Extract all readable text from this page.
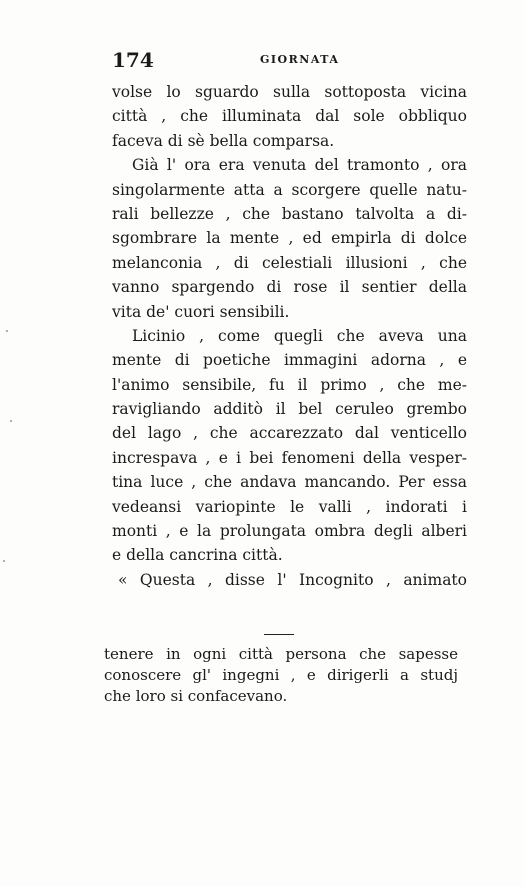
174	GIORNATA
volse lo sguardo sulla sottoposta vicina
città , che illuminata dal sole obbliquo
faceva di sè bella comparsa.
Già l' ora era venuta del tramonto , ora
singolarmente atta a scorgere quelle natu-
rali bellezze , che bastano talvolta a di-
sgombrare la mente , ed empirla di dolce
melanconia , di celestiali illusioni , che
vanno spargendo di rose il sentier della
vita de' cuori sensibili.
Licinio , come quegli che aveva una
mente di poetiche immagini adorna , e
l'animo sensibile, fu il primo , che me-
ravigliando additò il bel ceruleo grembo
del lago , che accarezzato dal venticello
increspava , e i bei fenomeni della vesper-
tina luce , che andava mancando. Per essa
vedeansi variopinte le valli , indorati i
monti , e la prolungata ombra degli alberi
e della cancrina città.
« Questa , disse l' Incognito , animato
tenere in ogni città persona che sapesse
conoscere gl' ingegni , e dirigerli a studj
che loro si confacevano.
